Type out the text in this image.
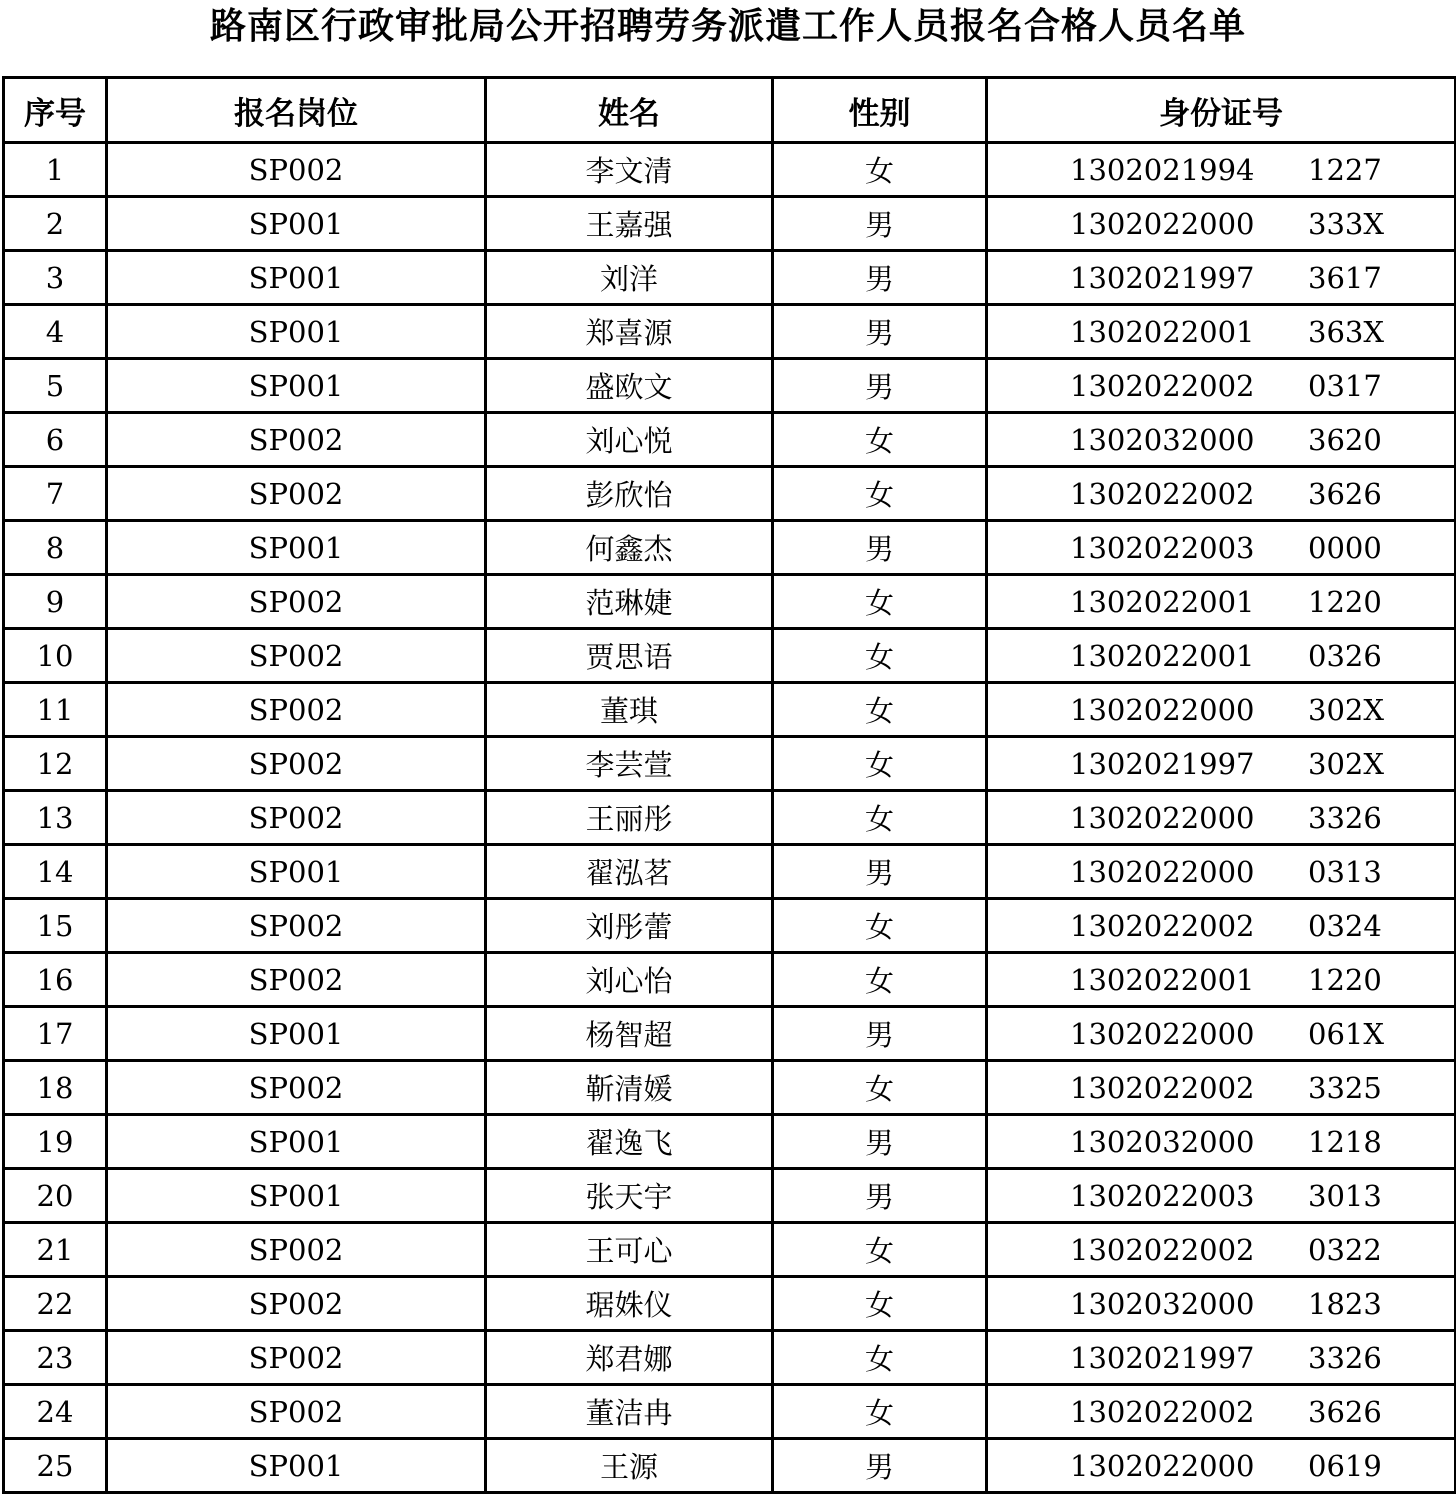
路南区行政审批局公开招聘劳务派遣工作人员报名合格人员名单
序号	报名岗位	姓名	性别	身份证号
1	SP002	李文清	女	1302021994 1227

2	SP001	王嘉强	男	1302022000 333X

3	SP001	刘洋	男	1302021997 3617

4	SP001	郑喜源	男	1302022001 363X

5	SP001	盛欧文	男	1302022002 0317

6	SP002	刘心悦	女	1302032000 3620

7	SP002	彭欣怡	女	1302022002 3626

8	SP001	何鑫杰	男	1302022003 0000

9	SP002	范琳婕	女	1302022001 1220

10	SP002	贾思语	女	1302022001 0326

11	SP002	董琪	女	1302022000 302X

12	SP002	李芸萱	女	1302021997 302X

13	SP002	王丽彤	女	1302022000 3326

14	SP001	翟泓茗	男	1302022000 0313

15	SP002	刘彤蕾	女	1302022002 0324

16	SP002	刘心怡	女	1302022001 1220

17	SP001	杨智超	男	1302022000 061X

18	SP002	靳清媛	女	1302022002 3325

19	SP001	翟逸飞	男	1302032000 1218

20	SP001	张天宇	男	1302022003 3013

21	SP002	王可心	女	1302022002 0322

22	SP002	琚姝仪	女	1302032000 1823

23	SP002	郑君娜	女	1302021997 3326

24	SP002	董洁冉	女	1302022002 3626

25	SP001	王源	男	1302022000 0619
